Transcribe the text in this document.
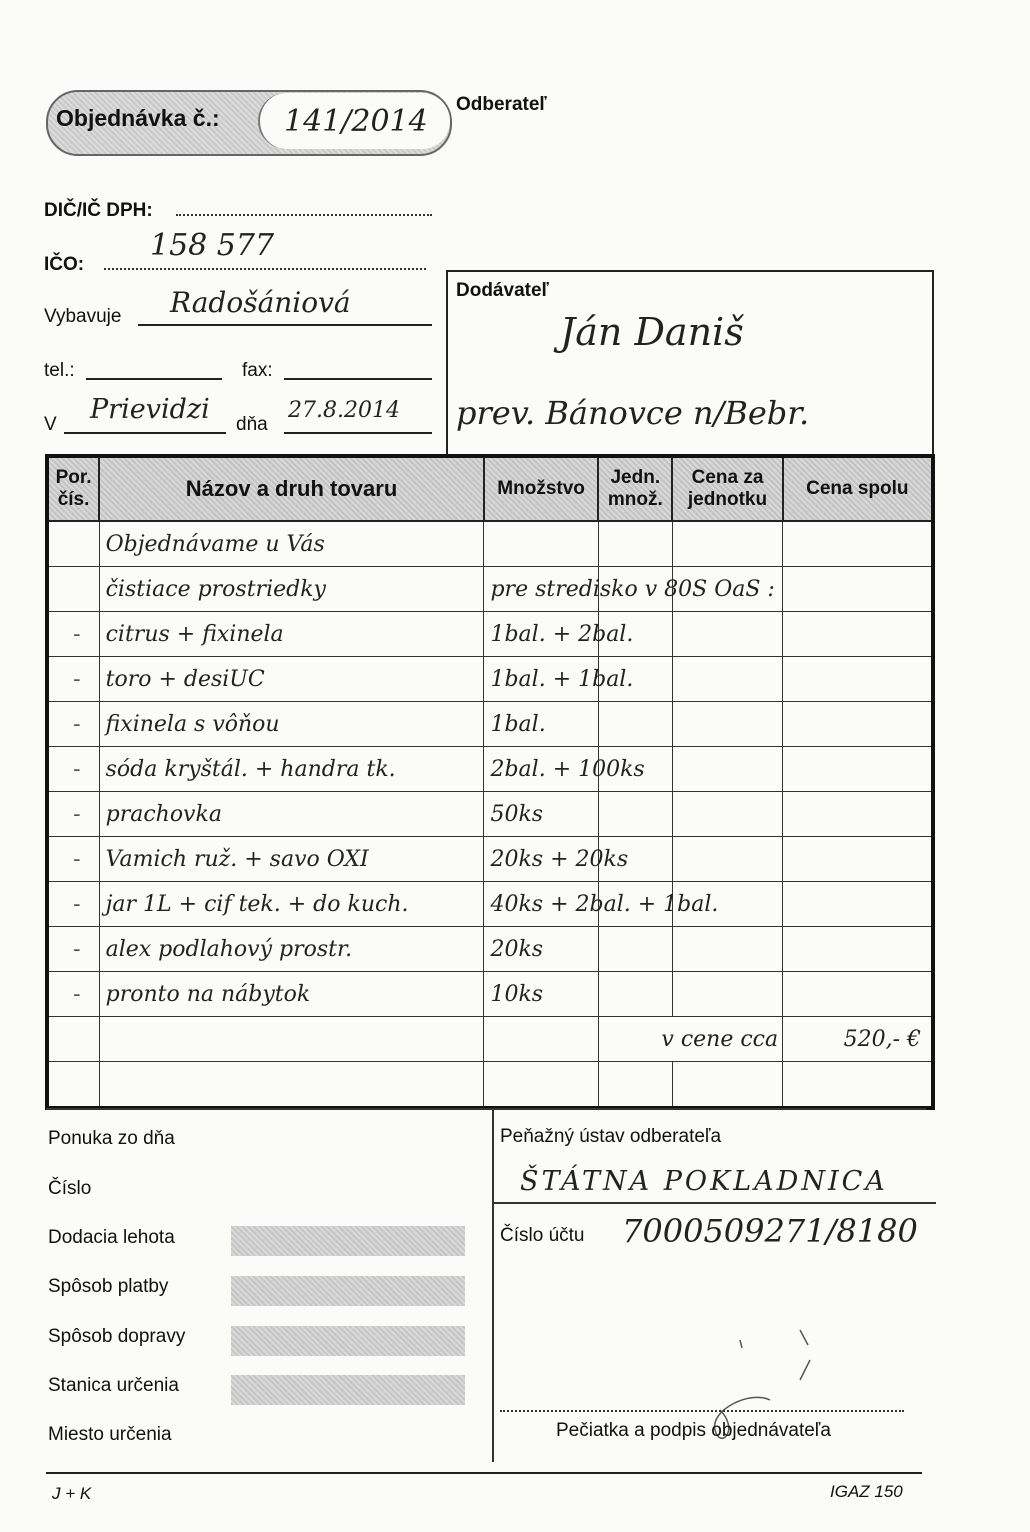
Objednávka č.: 141/2014 Odberateľ
DIČ/IČ DPH:
IČO:
158 577
Vybavuje Radošániová
tel.:	fax:
V Prievidzi dňa
27.8.2014
Dodávateľ
Ján Daniš
prev. Bánovce n/Bebr.
Por. čís.	Názov a druh tovaru	Množstvo	Jedn. množ.	Cena za jednotku	Cena spolu
	Objednávame u Vás				
	čistiace prostriedky	pre stredisko v 80S OaS :			
-	citrus + fixinela	1bal. + 2bal.			
-	toro + desiUC	1bal. + 1bal.			
-	fixinela s vôňou	1bal.			
-	sóda kryštál. + handra tk.	2bal. + 100ks			
-	prachovka	50ks			
-	Vamich ruž. + savo OXI	20ks + 20ks			
-	jar 1L + cif tek. + do kuch.	40ks + 2bal. + 1bal.			
-	alex podlahový prostr.	20ks			
-	pronto na nábytok	10ks			
			v cene cca		520,- €

Ponuka zo dňa
Číslo
Dodacia lehota
Spôsob platby
Spôsob dopravy
Stanica určenia
Miesto určenia
Peňažný ústav odberateľa
ŠTÁTNA POKLADNICA
Číslo účtu 7000509271/8180
Pečiatka a podpis objednávateľa
J + K	IGAZ 150
